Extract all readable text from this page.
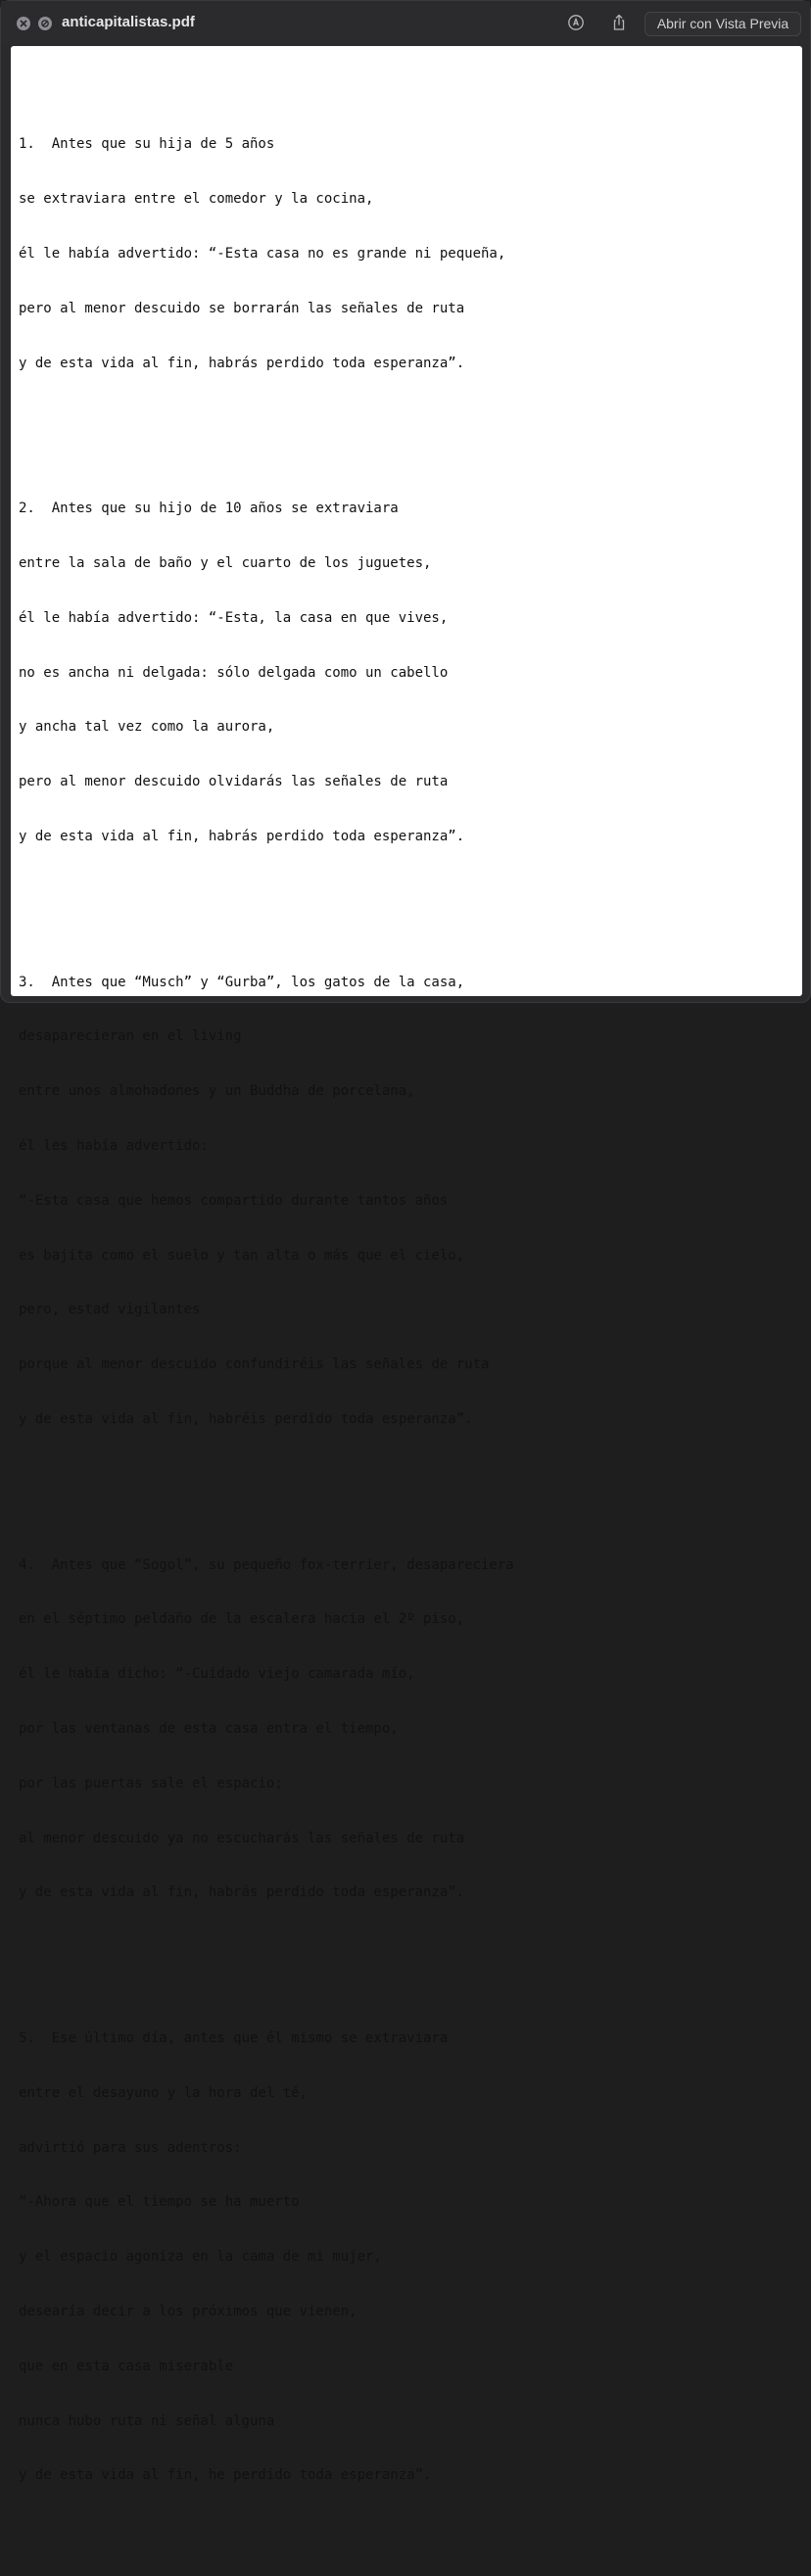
anticapitalistas.pdf	Abrir con Vista Previa

1.  Antes que su hija de 5 años

se extraviara entre el comedor y la cocina,

él le había advertido: “-Esta casa no es grande ni pequeña,

pero al menor descuido se borrarán las señales de ruta

y de esta vida al fin, habrás perdido toda esperanza”.

2.  Antes que su hijo de 10 años se extraviara

entre la sala de baño y el cuarto de los juguetes,

él le había advertido: “-Esta, la casa en que vives,

no es ancha ni delgada: sólo delgada como un cabello

y ancha tal vez como la aurora,

pero al menor descuido olvidarás las señales de ruta

y de esta vida al fin, habrás perdido toda esperanza”.

3.  Antes que “Musch” y “Gurba”, los gatos de la casa,

desaparecieran en el living

entre unos almohadones y un Buddha de porcelana,

él les había advertido:

“-Esta casa que hemos compartido durante tantos años

es bajita como el suelo y tan alta o más que el cielo,

pero, estad vigilantes

porque al menor descuido confundiréis las señales de ruta

y de esta vida al fin, habréis perdido toda esperanza”.

4.  Antes que “Sogol”, su pequeño fox-terrier, desapareciera

en el séptimo peldaño de la escalera hacia el 2º piso,

él le había dicho: “-Cuidado viejo camarada mío,

por las ventanas de esta casa entra el tiempo,

por las puertas sale el espacio;

al menor descuido ya no escucharás las señales de ruta

y de esta vida al fin, habrás perdido toda esperanza”.

5.  Ese último día, antes que él mismo se extraviara

entre el desayuno y la hora del té,

advirtió para sus adentros:

“-Ahora que el tiempo se ha muerto

y el espacio agoniza en la cama de mi mujer,

desearía decir a los próximos que vienen,

que en esta casa miserable

nunca hubo ruta ni señal alguna

y de esta vida al fin, he perdido toda esperanza”.
